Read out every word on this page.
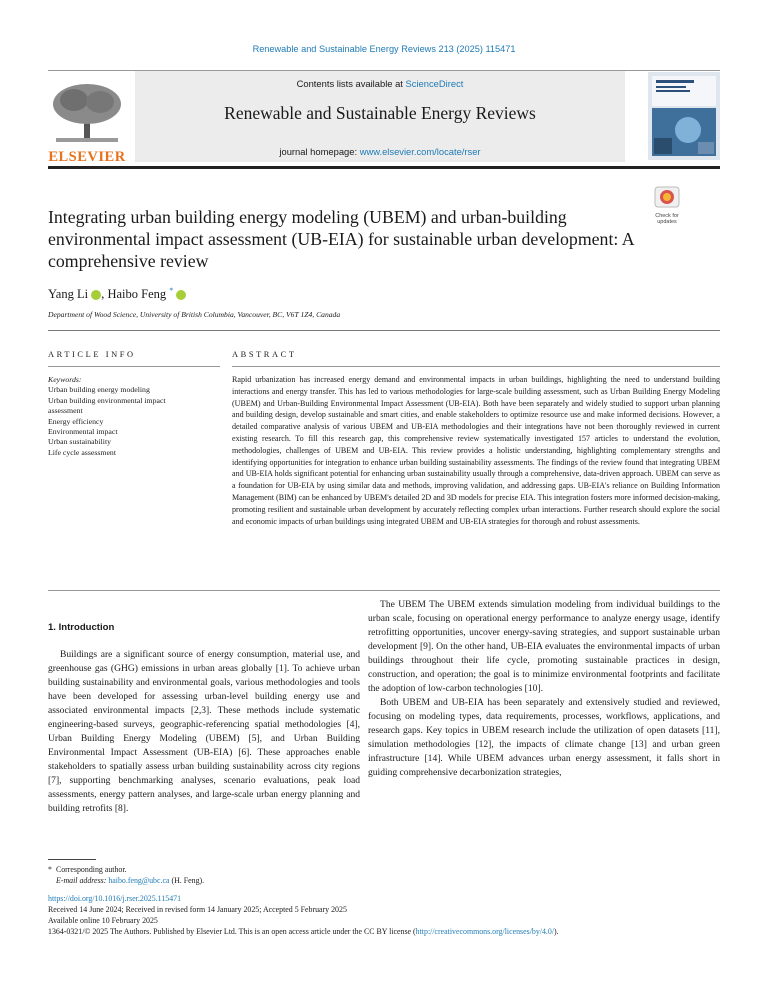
Renewable and Sustainable Energy Reviews 213 (2025) 115471
Contents lists available at ScienceDirect
Renewable and Sustainable Energy Reviews
journal homepage: www.elsevier.com/locate/rser
ELSEVIER
Check for updates
Integrating urban building energy modeling (UBEM) and urban-building environmental impact assessment (UB-EIA) for sustainable urban development: A comprehensive review
Yang Li , Haibo Feng *
Department of Wood Science, University of British Columbia, Vancouver, BC, V6T 1Z4, Canada
ARTICLE INFO
Keywords:
Urban building energy modeling
Urban building environmental impact
assessment
Energy efficiency
Environmental impact
Urban sustainability
Life cycle assessment
ABSTRACT
Rapid urbanization has increased energy demand and environmental impacts in urban buildings, highlighting the need to understand building interactions and energy transfer. This has led to various methodologies for large-scale building assessment, such as Urban Building Energy Modeling (UBEM) and Urban-Building Environmental Impact Assessment (UB-EIA). Both have been separately and widely studied to support urban planning and building design, develop sustainable and smart cities, and enable stakeholders to optimize resource use and make informed decisions. However, a detailed comparative analysis of various UBEM and UB-EIA methodologies and their integrations have not been thoroughly reviewed in current existing research. To fill this research gap, this comprehensive review systematically investigated 157 articles to understand the evolution, methodologies, challenges of UBEM and UB-EIA. This review provides a holistic understanding, highlighting complementary strengths and identifying opportunities for integration to enhance urban building sustainability assessments. The findings of the review found that integrating UBEM and UB-EIA holds significant potential for enhancing urban sustainability usually through a comprehensive, data-driven approach. UBEM can serve as a foundation for UB-EIA by using similar data and methods, improving validation, and addressing gaps. UB-EIA's reliance on Building Information Management (BIM) can be enhanced by UBEM's detailed 2D and 3D models for precise EIA. This integration fosters more informed decision-making, promoting resilient and sustainable urban development by accurately reflecting complex urban interactions. Further research should explore the social and economic impacts of urban buildings using integrated UBEM and UB-EIA strategies for thorough and robust assessments.
1. Introduction

Buildings are a significant source of energy consumption, material use, and greenhouse gas (GHG) emissions in urban areas globally [1]. To achieve urban building sustainability and environmental goals, various methodologies and tools have been developed for assessing urban-level building energy use and associated environmental impacts [2,3]. These methods include systematic engineering-based surveys, geographic-referencing spatial methodologies [4], Urban Building Energy Modeling (UBEM) [5], and Urban Building Environmental Impact Assessment (UB-EIA) [6]. These approaches enable stakeholders to spatially assess urban building sustainability across city regions [7], supporting benchmarking analyses, scenario evaluations, peak load assessments, energy pattern analyses, and large-scale urban energy planning and building retrofits [8].

The UBEM The UBEM extends simulation modeling from individual buildings to the urban scale, focusing on operational energy performance to analyze energy usage, identify retrofitting opportunities, uncover energy-saving strategies, and support sustainable urban development [9]. On the other hand, UB-EIA evaluates the environmental impacts of urban buildings throughout their life cycle, promoting sustainable practices in design, construction, and operation; the goal is to minimize environmental footprints and facilitate the adoption of low-carbon technologies [10].

Both UBEM and UB-EIA has been separately and extensively studied and reviewed, focusing on modeling types, data requirements, processes, workflows, applications, and research gaps. Key topics in UBEM research include the utilization of open datasets [11], simulation methodologies [12], the impacts of climate change [13] and urban green infrastructure [14]. While UBEM advances urban energy assessment, it falls short in guiding comprehensive decarbonization strategies,

* Corresponding author.
E-mail address: haibo.feng@ubc.ca (H. Feng).
https://doi.org/10.1016/j.rser.2025.115471
Received 14 June 2024; Received in revised form 14 January 2025; Accepted 5 February 2025
Available online 10 February 2025
1364-0321/© 2025 The Authors. Published by Elsevier Ltd. This is an open access article under the CC BY license (http://creativecommons.org/licenses/by/4.0/).
